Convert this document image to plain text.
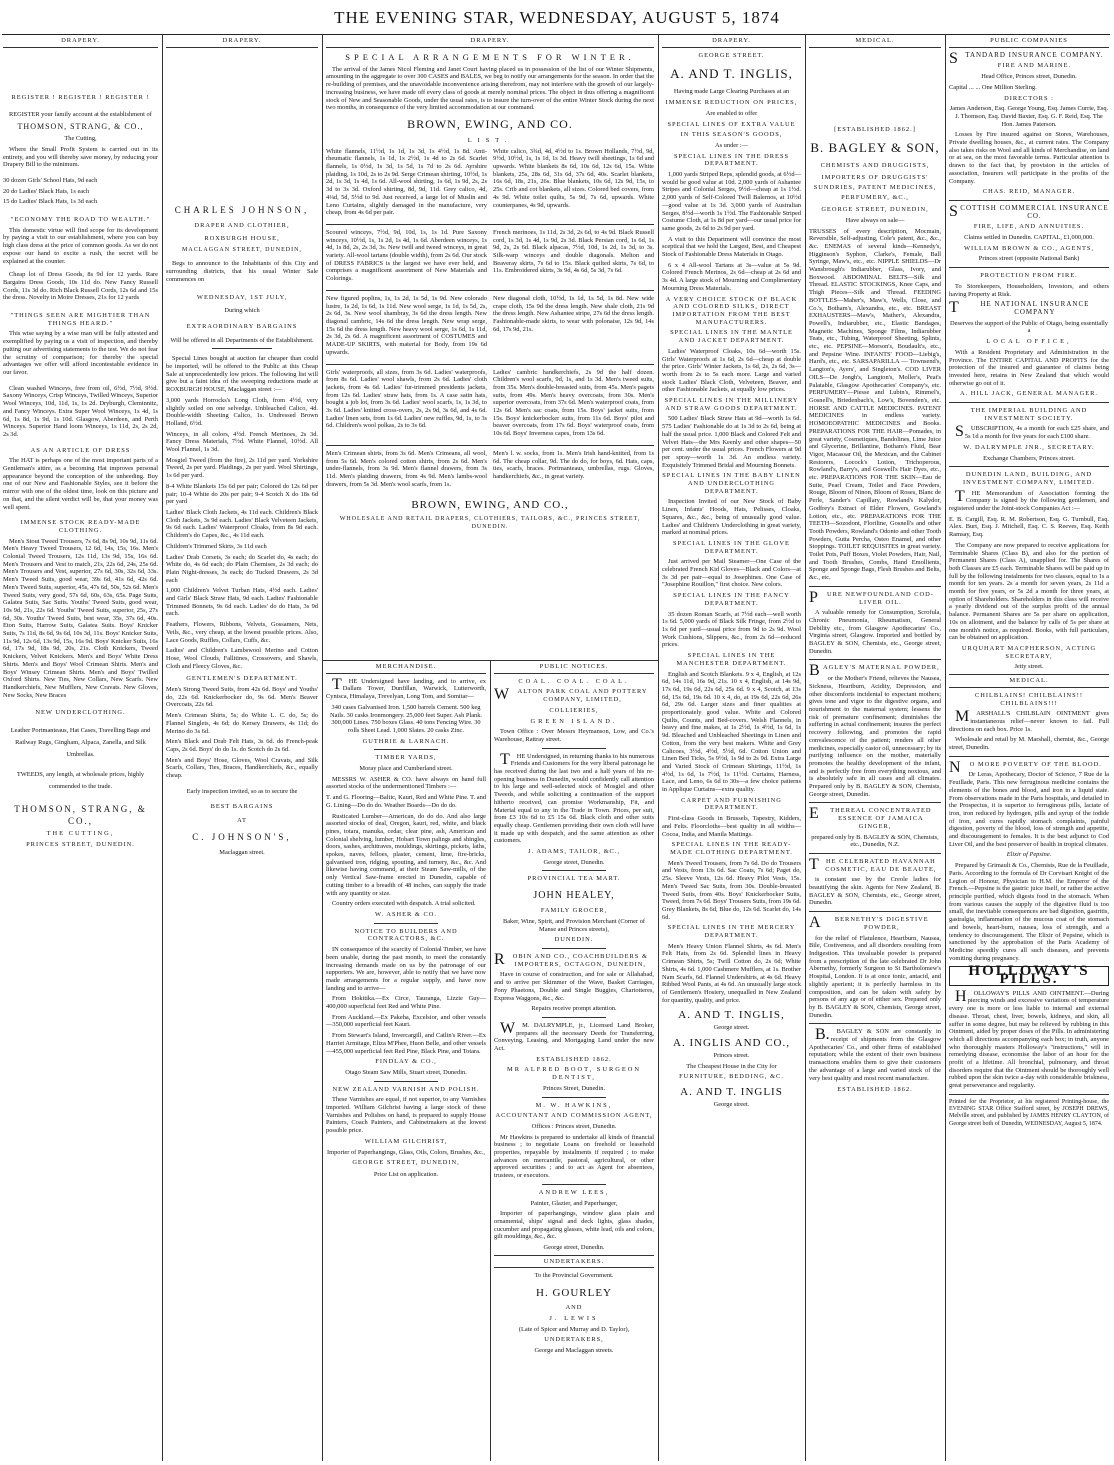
THE EVENING STAR, WEDNESDAY, AUGUST 5, 1874
DRAPERY.

REGISTER ! REGISTER ! REGISTER !

REGISTER your family account at the establishment of

THOMSON, STRANG, & CO.,

The Cutting,

Where the Small Profit System is carried out in its entirety, and you will thereby save money, by reducing your Drapery Bill to the minimum.

30 dozen Girls' School Hats, 9d each

20 do Ladies' Black Hats, 1s each

15 do Ladies' Black Hats, 1s 3d each

"ECONOMY THE ROAD TO WEALTH."

This domestic virtue will find scope for its development by paying a visit to our establishment, where you can buy high class dress at the price of common goods. As we do not expose our hand to excite a rush, the secret will be explained at the counter.

Cheap lot of Dress Goods, 8s 9d for 12 yards. Rare Bargains Dress Goods, 10s 11d do. New Fancy Russell Cords, 11s 3d do. Rich Black Russell Cords, 12s 6d and 15s the dress. Novelty in Moire Dresses, 21s for 12 yards

"THINGS SEEN ARE MIGHTIER THAN THINGS HEARD."

This wise saying by a wise man will be fully attested and exemplified by paying us a visit of inspection, and thereby putting our advertising statements to the test. We do not fear the scrutiny of comparison; for thereby the special advantages we offer will afford incontestable evidence in our favor.

Clean washed Winceys, free from oil, 6½d, 7½d, 9½d. Saxony Winceys, Crisp Winceys, Twilled Winceys, Superior Wool Winceys, 10d, 11d, 1s, 1s 2d. Dryburgh, Cleminnitz, and Fancy Winceys. Extra Super Wool Winceys, 1s 4d, 1s 6d, 1s 8d, 1s 9d, 1s 10d. Glasgow, Aberdeen, and Perth Winceys. Superior Hand loom Winceys, 1s 11d, 2s, 2s 2d, 2s 3d.

AS AN ARTICLE OF DRESS

The HAT is perhaps one of the most important parts of a Gentleman's attire, as a becoming Hat improves personal appearance beyond the conception of the unheeding. Buy one of our New and Fashionable Styles, see it before the mirror with one of the oldest time, look on this picture and on that, and the silent verdict will be, that your money was well spent.

IMMENSE STOCK READY-MADE CLOTHING.

Men's Stout Tweed Trousers, 7s 6d, 8s 9d, 10s 9d, 11s 6d. Men's Heavy Tweed Trousers, 12 6d, 14s, 15s, 16s. Men's Colonial Tweed Trousers, 12s 11d, 13s 9d, 15s, 16s 6d. Men's Trousers and Vest to match, 21s, 22s 6d, 24s, 25s 6d. Men's Trousers and Vest, superior, 27s 6d, 30s, 32s 6d, 33s. Men's Tweed Suits, good wear, 39s 6d, 41s 6d, 42s 6d. Men's Tweed Suits, superior, 45s, 47s 6d, 50s, 52s 6d. Men's Tweed Suits, very good, 57s 6d, 60s, 63s, 65s. Page Suits, Galatea Suits, Sac Suits. Youths' Tweed Suits, good wear, 10s 9d, 21s, 22s 6d. Youths' Tweed Suits, superior, 25s, 27s 6d, 30s. Youths' Tweed Suits, best wear, 35s, 37s 6d, 40s. Eton Suits, Harrow Suits, Galatea Suits. Boys' Knicker Suits, 7s 11d, 8s 6d, 9s 6d, 10s 3d, 11s. Boys' Knicker Suits, 11s 9d, 12s 6d, 13s 9d, 15s, 16s 9d. Boys' Knicker Suits, 16s 6d, 17s 9d, 18s 9d, 20s, 21s. Cloth Knickers, Tweed Knickers, Velvet Knickers. Men's and Boys' White Dress Shirts. Men's and Boys' Wool Crimean Shirts. Men's and Boys' Winsey Crimean Shirts. Men's and Boys' Twilled Oxford Shirts. New Ties, New Collars, New Scarfs. New Handkerchiefs, New Mufflers, New Cravats. New Gloves, New Socks, New Braces

NEW UNDERCLOTHING.

Leather Portmanteaus, Hat Cases, Travelling Bags and Railway Rugs, Gingham, Alpaca, Zanella, and Silk Umbrellas.

TWEEDS, any length, at wholesale prices, highly commended to the trade.

THOMSON, STRANG, & CO.,

THE CUTTING,

PRINCES STREET, DUNEDIN.

DRAPERY.

CHARLES JOHNSON,

DRAPER AND CLOTHIER,

ROXBURGH HOUSE,

MACLAGGAN STREET, DUNEDIN,

Begs to announce to the Inhabitants of this City and surrounding districts, that his usual Winter Sale commences on

WEDNESDAY, 1ST JULY,

During which

EXTRAORDINARY BARGAINS

Will be offered in all Departments of the Establishment.

Special Lines bought at auction far cheaper than could be imported, will be offered to the Public at this Cheap Sale at unprecedentedly low prices. The following list will give but a faint idea of the sweeping reductions made at ROXBURGH HOUSE, Maclaggan street :—

3,000 yards Horrocks's Long Cloth, from 4½d, very slightly soiled on one selvedge. Unbleached Calico, 4d. Double-width Sheeting Calico, 1s. Undressed Brown Holland, 6½d.

Winceys, in all colors, 4½d. French Merinoes, 2s 3d. Fancy Dress Materials, 7½d. White Flannel, 10½d. All Wool Flannel, 1s 3d.

Mosgiel Tweed (from the fire), 2s 11d per yard. Yorkshire Tweed, 2s per yard. Plaidings, 2s per yard. Wool Shirtings, 1s 6d per yard.

8-4 White Blankets 15s 6d per pair; Colored do 12s 6d per pair; 10-4 White do 20s per pair; 9-4 Scotch X do 18s 6d per yard

Ladies' Black Cloth Jackets, 4s 11d each. Children's Black Cloth Jackets, 3s 9d each. Ladies' Black Velveteen Jackets, 9s 6d each. Ladies' Waterproof Cloaks, from 8s 9d each. Children's do Capes, &c., 4s 11d each.

Children's Trimmed Skirts, 3s 11d each

Ladies' Drab Corsets, 3s each; do Scarlet do, 4s each; do White do, 4s 6d each; do Plain Chemises, 2s 3d each; do Plain Night-dresses, 3s each; do Tucked Drawers, 2s 3d each

1,000 Children's Velvet Turban Hats, 4½d each. Ladies' and Girls' Black Straw Hats, 9d each. Ladies' Fashionable Trimmed Bonnets, 9s 6d each. Ladies' do do Hats, 3s 9d each.

Feathers, Flowers, Ribbons, Velvets, Gossamers, Nets, Veils, &c., very cheap, at the lowest possible prices. Also, Lace Goods, Ruffles, Collars, Cuffs, &c.

Ladies' and Children's Lambswool Merino and Cotton Hose, Wool Clouds, Fallitines, Crossovers, and Shawls, Cloth and Fleecy Gloves, &c.

GENTLEMEN'S DEPARTMENT.

Men's Strong Tweed Suits, from 42s 6d. Boys' and Youths' do, 22s 6d. Knickerbocker do, 9s 6d. Men's Beaver Overcoats, 22s 6d.

Men's Crimean Shirts, 5s; do White L. C. do, 5s; do Flannel Singlets, 4s 6d; do Kersey Drawers, 4s 11d; do Merino do 3s 6d.

Men's Black and Drab Felt Hats, 3s 6d. do French-peak Caps, 2s 6d. Boys' do do 1s. do Scotch do 2s 6d.

Men's and Boys' Hose, Gloves, Wool Cravats, and Silk Scarfs, Collars, Ties, Braces, Handkerchiefs, &c., equally cheap.

Early inspection invited, so as to secure the

BEST BARGAINS

AT

C. JOHNSON'S,

Maclaggan street.

DRAPERY.

SPECIAL ARRANGEMENTS FOR WINTER.

The arrival of the James Nicol Fleming and Janet Court having placed us in possession of the list of our Winter Shipments, amounting in the aggregate to over 300 CASES and BALES, we beg to notify our arrangements for the season. In order that the re-building of premises, and the unavoidable inconvenience arising therefrom, may not interfere with the growth of our largely-increasing business, we have made off every class of goods at merely nominal prices. The object in thus offering a magnificent stock of New and Seasonable Goods, under the usual rates, is to insure the turn-over of the entire Winter Stock during the next two months, in consequence of the very limited accommodation at our command.

BROWN, EWING, AND CO.

LIST.

White flannels, 11½d, 1s 1d, 1s 3d, 1s 4½d, 1s 8d. Anti-rheumatic flannels, 1s 1d, 1s 2½d, 1s 4d to 2s 6d. Scarlet flannels, 1s 0½d, 1s 3d, 1s 5d, 1s 7d to 2s 6d. Ayrshire plaiding, 1s 10d, 2s to 2s 9d. Serge Crimean shirting, 10½d, 1s 2d, 1s 3d, 1s 4d, 1s 6d. All-wool shirting, 1s 6d, 1s 9d, 2s, 2s 3d to 3s 3d. Oxford shirting, 8d, 9d, 11d. Grey calico, 4d, 4¼d, 5d, 5½d to 9d. Just received, a large lot of Muslin and Leno Curtains, slightly damaged in the manufacture, very cheap, from 4s 6d per pair.

White calico, 3¾d, 4d, 4½d to 1s. Brown Hollands, 7½d, 9d, 9½d, 10½d, 1s, 1s 1d, 1s 3d. Heavy twill sheetings, 1s 6d and upwards. White blankets 8s 6d, 10s 6d, 12s 6d, 15s. White blankets, 25s, 28s 6d, 31s 6d, 37s 6d, 40s. Scarlet blankets, 16s 6d, 18s, 21s, 26s. Blue blankets, 10s 6d, 12s 9d, 15s, to 25s. Crib and cot blankets, all sizes. Colored bed covers, from 4s 9d. White toilet quilts, 5s 9d, 7s 6d, upwards. White counterpanes, 4s 9d, upwards.

Scoured winceys, 7½d, 9d, 10d, 1s, 1s 1d. Pure Saxony winceys, 10½d, 1s, 1s 2d, 1s 4d, 1s 6d. Aberdeen winceys, 1s 4d, 1s 8d, 2s, 2s 3d, 3s. New twill and tweed winceys, in great variety. All-wool tartans (double width), from 2s 6d. Our stock of DRESS FABRICS is the largest we have ever held, and comprises a magnificent assortment of New Materials and Colorings.

French merinoes, 1s 11d, 2s 3d, 2s 6d, to 4s 9d. Black Russell cord, 1s 3d, 1s 4d, 1s 9d, 2s 3d. Black Persian cord, 1s 6d, 1s 9d, 2s, 2s 6d. Black alpacas, 7½d, 10d, 1s 2d, 1s 3d, to 3s. Silk-warp winceys and double diagonals. Melton and Beaveray skirts, 7s 6d to 15s. Black quilted skirts, 7s 6d, to 11s. Embroidered skirts, 3s 9d, 4s 6d, 5s 3d, 7s 6d.

New figured poplins, 1s, 1s 2d, 1s 5d, 1s 9d. New colorado lustre, 1s 2d, 1s 6d, 1s 11d. New wool serge, 1s 1d, 1s 5d, 2s, 2s 6d, 3s. New wool shambray, 3s 6d the dress length. New diagonal cambric, 14s 6d the dress length. New wrap serge, 15s 6d the dress length. New heavy wool serge, 1s 6d, 1s 11d, 2s 3d, 2s 6d. A magnificent assortment of COSTUMES and MADE-UP SKIRTS, with material for Body, from 19s 6d upwards.

New diagonal cloth, 10½d, 1s 1d, 1s 5d, 1s 8d. New wide crape cloth, 15s 9d the dress length. New shale cloth, 21s 9d the dress length. New Ashantee stripe, 27s 6d the dress length. Fashionable-made skirts, to wear with polonaise, 12s 9d, 14s 6d, 17s 9d, 21s.

Girls' waterproofs, all sizes, from 3s 6d. Ladies' waterproofs, from 8s 6d. Ladies' wool shawls, from 2s 6d. Ladies' cloth jackets, from 4s 6d. Ladies' fur-trimmed presidents jackets, from 12s 6d. Ladies' straw hats, from 1s. A case satin hats, bought a job lot, from 3s 6d. Ladies' wool scarfs, 1s, 1s 3d, to 3s 6d. Ladies' knitted cross-overs, 2s, 2s 9d, 3s 6d, and 4s 6d. Ladies' linen sets, from 1s 6d. Ladies' new ruffles, 9d, 1s, to 3s 6d. Children's wool polkas, 2s to 3s 6d.

Ladies' cambric handkerchiefs, 2s 9d the half dozen. Children's wool scarfs, 9d, 1s, and 1s 3d. Men's tweed suits, from 35s. Men's double-breasted suits, from 45s. Men's pagets suits, from 49s. Men's heavy overcoats, from 30s. Men's superior overcoats, from 37s 6d. Men's waterproof coats, from 12s 6d. Men's sac coats, from 15s. Boys' jacket suits, from 15s. Boys' knickerbocker suits, from 11s 6d. Boys' pilot and beaver overcoats, from 17s 6d. Boys' waterproof coats, from 10s 6d. Boys' Inverness capes, from 13s 6d.

Men's Crimean shirts, from 3s 6d. Men's Crimeans, all wool, from 5s 6d. Men's colored cotton shirts, from 2s 6d. Men's under-flannels, from 3s 9d. Men's flannel drawers, from 3s 11d. Men's plaiding drawers, from 4s 9d. Men's lambs-wool drawers, from 5s 3d. Men's wool scarfs, from 1s.

Men's l. w. socks, from 1s. Men's Irish hand-knitted, from 1s 6d. The cheap collar, 9d. The do do, for boys, 6d. Hats, caps, ties, scarfs, braces. Portmanteaus, umbrellas, rugs. Gloves, handkerchiefs, &c., in great variety.

BROWN, EWING, AND CO.,

WHOLESALE AND RETAIL DRAPERS, CLOTHIERS, TAILORS, &C., PRINCES STREET, DUNEDIN.

MERCHANDISE.

THE Undersigned have landing, and to arrive, ex Dallam Tower, Dunfillan, Warwick, Lutterworth, Cynisca, Himalaya, Trevelyan, Long Tom, and Somitar—

340 cases Galvanised Iron. 1,500 barrels Cement. 500 keg Nails. 30 casks Ironmongery. 25,000 feet Super. Ash Plank. 300,000 Lines. 750 boxes Glass. 40 tons Fencing Wire. 30 rolls Sheet Lead. 1,000 Slates. 20 casks Zinc.

GUTHRIE & LARNACH.

TIMBER YARDS,

Moray place and Cumberland street.

MESSRS W. ASHER & CO. have always on hand full assorted stocks of the undermentioned Timbers :—

T. and G. Flooring—Baltic, Kauri, Red and White Pine. T. and G. Lining—Do do do. Weather Boards—Do do do.

Rusticated Lumber—American, do do do. And also large assorted stocks of deal, Oregon, kauri, red, white, and black pines, totara, manuka, cedar, clear pine, ash, American and Colonial shelving, lumber, Hobart Town palings and shingles, doors, sashes, architraves, mouldings, skirtings, pickets, laths, spokes, naves, felloes, plaster, cement, lime, fire-bricks, galvanised iron, ridging, spouting, and turnery, &c., &c. And likewise having command, at their Steam Saw-mills, of the only Vertical Saw-frame erected in Dunedin, capable of cutting timber to a breadth of 48 inches, can supply the trade with any quantity or size.

Country orders executed with despatch. A trial solicited.

W. ASHER & CO.

NOTICE TO BUILDERS AND CONTRACTORS, &C.

IN consequence of the scarcity of Colonial Timber, we have been unable, during the past month, to meet the constantly increasing demands made on us by the patronage of our supporters. We are, however, able to notify that we have now made arrangements for a regular supply, and have now landing and to arrive—

From Hokitika.—Ex Circe, Tauranga, Lizzie Guy—400,000 superficial feet Red and White Pine.

From Auckland.—Ex Pakeha, Excelsior, and other vessels—350,000 superficial feet Kauri.

From Stewart's Island, Invercargill, and Catlin's River.—Ex Harriet Armitage, Eliza M'Phee, Huon Belle, and other vessels—455,000 superficial feet Red Pine, Black Pine, and Totara.

FINDLAY & CO.,

Otago Steam Saw Mills, Stuart street, Dunedin.

NEW ZEALAND VARNISH AND POLISH.

These Varnishes are equal, if not superior, to any Varnishes imported. William Gilchrist having a large stock of these Varnishes and Polishes on hand, is prepared to supply House Painters, Coach Painters, and Cabinetmakers at the lowest possible price.

WILLIAM GILCHRIST,

Importer of Paperhangings, Glass, Oils, Colors, Brushes, &c.,

GEORGE STREET, DUNEDIN,

Price List on application.

PUBLIC NOTICES.

COAL. COAL. COAL.

WALTON PARK COAL AND POTTERY COMPANY, LIMITED,

COLLIERIES,

GREEN ISLAND.

Town Office : Over Messrs Heymanson, Low, and Co.'s Warehouse, Rattray street.

THE Undersigned, in returning thanks to his numerous Friends and Customers for the very liberal patronage he has received during the last two and a half years of his re-opening business in Dunedin, would confidently call attention to his large and well-selected stock of Mosgiel and other Tweeds, and while soliciting a continuation of the support hitherto received, can promise Workmanship, Fit, and Material equal to any in the Trade in Town. Prices, per suit, from £3 10s 6d to £5 15s 6d. Black cloth and other suits equally cheap. Gentlemen providing their own cloth will have it made up with despatch, and the same attention as other customers.

J. ADAMS, TAILOR, &C.,

George street, Dunedin.

PROVINCIAL TEA MART.

JOHN HEALEY,

FAMILY GROCER,

Baker, Wine, Spirit, and Provision Merchant (Corner of Manse and Princes streets),

DUNEDIN.

ROBIN AND CO., COACHBUILDERS & IMPORTERS, OCTAGON, DUNEDIN,

Have in course of construction, and for sale or Allahabad, and to arrive per Skimmer of the Wave, Basket Carriages, Pony Phaetons, Double and Single Buggies, Chariotteres, Express Waggons, &c., &c.

Repairs receive prompt attention.

WM. DALRYMPLE, jr., Licensed Land Broker, prepares all the necessary Deeds for Transferring, Conveying, Leasing, and Mortgaging Land under the new Act.

ESTABLISHED 1862.

MR ALFRED BOOT, SURGEON DENTIST,

Princes Street, Dunedin.

M. W. HAWKINS,

ACCOUNTANT AND COMMISSION AGENT,

Offices : Princes street, Dunedin.

Mr Hawkins is prepared to undertake all kinds of financial business ; to negotiate Loans on freehold or leasehold properties, repayable by instalments if required ; to make advances on mercantile, pastoral, agricultural, or other approved securities ; and to act as Agent for absentees, trustees, or executors.

ANDREW LEES,

Painter, Glazier, and Paperhanger,

Importer of paperhangings, window glass plain and ornamental, ships' signal and deck lights, glass shades, cucumber and propagating glasses, white lead, oils and colors, gilt mouldings, &c., &c.

George street, Dunedin.

UNDERTAKERS.

To the Provincial Government.

H. GOURLEY

AND

J. LEWIS

(Late of Spicer and Murray and D. Taylor),

UNDERTAKERS,

George and Maclaggan streets.

DRAPERY.

GEORGE STREET.

A. AND T. INGLIS,

Having made Large Clearing Purchases at an

IMMENSE REDUCTION ON PRICES,

Are enabled to offer

SPECIAL LINES OF EXTRA VALUE

IN THIS SEASON'S GOODS,

As under :—

SPECIAL LINES IN THE DRESS DEPARTMENT.

1,000 yards Striped Reps, splendid goods, at 6½d—would be good value at 10d. 2,000 yards of Ashantee Stripes and Colonial Serges, 9½d—cheap at 1s 1½d. 2,000 yards of Self-Colored Twill Balernos, at 10½d—good value at 1s 3d. 3,000 yards of Australian Serges, 8½d—worth 1s 1½d. The Fashionable Striped Costume Cloth, at 1s 8d per yard—our usual price for same goods, 2s 6d to 2s 9d per yard.

A visit to this Department will convince the most sceptical that we hold the Largest, Best, and Cheapest Stock of Fashionable Dress Materials in Otago.

6 x 4 All-wool Tartans at 3s—value at 5s 9d. Colored French Merinos, 2s 6d—cheap at 2s 6d and 3s 4d. A large stock of Mourning and Complimentary Mourning Dress Materials.

A VERY CHOICE STOCK OF BLACK AND COLORED SILKS, DIRECT IMPORTATION FROM THE BEST MANUFACTURERS.

SPECIAL LINES IN THE MANTLE AND JACKET DEPARTMENT.

Ladies' Waterproof Cloaks, 10s 6d—worth 15s. Girls' Waterproofs at 1s 6d, 2s 6d—cheap at double the price. Girls' Winter Jackets, 1s 6d, 2s, 2s 6d, 3s—worth from 2s to 5s each more. Large and varied stock Ladies' Black Cloth, Velveteen, Beaver, and other Fashionable Jackets, at equally low prices.

SPECIAL LINES IN THE MILLINERY AND STRAW GOODS DEPARTMENT.

500 Ladies' Black Straw Hats at 9d—worth 1s 6d. 575 Ladies' Fashionable do at 1s 3d to 2s 6d, being at half the usual price. 1,000 Black and Colored Felt and Velvet Hats—the Mrs Keenly and other shapes—50 per cent. under the usual prices. French Flowers at 9d per spray—worth 1s 3d. An endless variety. Exquisitely Trimmed Bridal and Mourning Bonnets.

SPECIAL LINES IN THE BABY LINEN AND UNDERCLOTHING DEPARTMENT.

Inspection Invited of our New Stock of Baby Linen, Infants' Hoods, Hats, Pelisses, Cloaks, Squares, &c., &c., being of unusually good value. Ladies' and Children's Underclothing in great variety, marked at nominal prices.

SPECIAL LINES IN THE GLOVE DEPARTMENT.

Just arrived per Mail Steamer—One Case of the celebrated French Kid Gloves—Black and Colors—at 3s 3d per pair—equal to Josephines. One Case of "Josephine Rouillon," first choice. New colors.

SPECIAL LINES IN THE FANCY DEPARTMENT.

35 dozen Roman Scarfs, at 7½d each—well worth 1s 6d. 5,000 yards of Black Silk Fringe, from 2½d to 1s 6d per yard—usual price from 9d to 2s 9d. Wool Work Cushions, Slippers, &c., from 2s 6d—reduced prices.

SPECIAL LINES IN THE MANCHESTER DEPARTMENT.

English and Scotch Blankets. 9 x 4, English, at 12s 6d, 14s 11d, 16s 9d, 21s. 10 x 4, English, at 14s 9d, 17s 6d, 19s 6d, 22s 6d, 25s 6d. 9 x 4, Scotch, at 13s 6d, 15s 6d, 19s 6d. 10 x 4, do, at 19s 6d, 22s 6d, 26s 6d, 29s 6d. Larger sizes and finer qualities at proportionately good value. White and Colored Quilts, Counts, and Bed-covers. Welsh Flannels, in heavy and fine makes, at 1s 2½d, 1s 4½d, 1s 6d, 1s 9d. Bleached and Unbleached Sheetings in Linen and Cotton, from the very best makers. White and Grey Calicoes, 3½d, 4½d, 5½d, 6d. Cotton Union and Linen Bed Ticks, 5s 9½d, 1s 9d to 2s 9d. Extra Large and Varied Stock of Crimean Shirtings, 11½d, 1s 4½d, 1s 6d, 1s 7½d, 1s 11½d. Curtains, Harness, Lace, and Leno, 6s 6d to 30s—a few choice patterns in Applique Curtains—extra quality.

CARPET AND FURNISHING DEPARTMENT.

First-class Goods in Brussels, Tapestry, Kidders, and Felts. Floorcloths—best quality in all widths—Cocoa, India, and Manila Mattings.

SPECIAL LINES IN THE READY-MADE CLOTHING DEPARTMENT.

Men's Tweed Trousers, from 7s 6d. Do do Trousers and Vests, from 13s 6d. Sac Coats, 7s 6d; Paget do, 25s. Sleeve Vests, 12s 6d. Heavy Pilot Vests, 15s. Men's Tweed Sac Suits, from 30s. Double-breasted Tweed Suits, from 40s. Boys' Knickerbocker Suits, Tweed, from 7s 6d. Boys' Trousers Suits, from 19s 6d. Grey Blankets, 8s 6d, Blue do, 12s 6d. Scarlet do, 14s 6d.

SPECIAL LINES IN THE MERCERY DEPARTMENT.

Men's Heavy Union Flannel Shirts, 4s 6d. Men's Felt Hats, from 2s 6d. Splendid lines in Heavy Crimean Shirts, 5s; Twill Cotton do, 2s 6d; White Shirts, 4s 6d. 1,000 Cashmere Mufflers, at 1s. Brother Nam Scarfs, 6d. Flannel Undershirts, at 4s 6d. Heavy Ribbed Wool Pants, at 4s 6d. An unusually large stock of Gentlemen's Hosiery, unequalled in New Zealand for quantity, quality, and price.

A. AND T. INGLIS,

George street.

A. INGLIS AND CO.,

Princes street.

The Cheapest House in the City for

FURNITURE, BEDDING, &C.

A. AND T. INGLIS

George street.

MEDICAL.

[ESTABLISHED 1862.]

B. BAGLEY & SON,

CHEMISTS AND DRUGGISTS,

IMPORTERS OF DRUGGISTS' SUNDRIES, PATENT MEDICINES, PERFUMERY, &C.,

GEORGE STREET, DUNEDIN,

Have always on sale—

TRUSSES of every description, Mocmain, Reversible, Self-adjusting, Cole's patent, &c., &c., &c. ENEMAS of several kinds—Kennedy's, Higginson's Syphon, Clarke's, Female, Ball Syringe, Maw's, etc., etc. NIPPLE SHIELDS—Dr Wansbrough's Indiarubber, Glass, Ivory, and Boxwood. ABDOMINAL BELTS—Silk and Thread. ELASTIC STOCKINGS, Knee Caps, and Thigh Pieces—Silk and Thread. FEEDING BOTTLES—Maher's, Maw's, Wells, Close, and Co.'s, Botham's, Alexandra, etc., etc. BREAST EXHAUSTERS—Maw's, Mather's, Alexandra, Powell's, Indiarubber, etc., Elastic Bandages, Magnetic Machines, Sponge Films, Indiarubber Teats, etc., Tubing, Waterproof Sheeting, Splints, etc., etc. PEPSINE—Morson's, Boudault's, etc., and Pepsine Wine. INFANTS' FOOD—Liebig's, Hard's, etc., etc. SARSAPARILLA — Townsend's, Langton's, Ayers', and Singleton's. COD LIVER OILS—De Jongh's, Langton's, Moller's, Peat's Palatable, Glasgow Apothecaries' Company's, etc. PERFUMERY—Piesse and Lubin's, Rimmel's, Gosnell's, Briedenbach's, Low's, Bovenden's, etc. HORSE AND CATTLE MEDICINES. PATENT MEDICINES in endless variety. HOMOEOPATHIC MEDICINES and Books. PREPARATIONS FOR THE HAIR—Pomades, in great variety, Cosmetiques, Bandolines, Lime Juice and Glycerine, Brillantine, Botham's Fluid, Bear Vigor, Macassar Oil, the Mexican, and the Cabinet Restorers, Locock's Lotion, Trichoperous, Rowland's, Barry's, and Goswell's Hair Dyes, etc., etc. PREPARATIONS FOR THE SKIN—Eau de Suite, Pearl Cream, Toilet and Face Powders, Rouge, Bloom of Ninon, Bloom of Roses, Blanc de Perle, Sander's Capillary, Rowland's Kalydor, Godfrey's Extract of Elder Flowers, Gowland's Lotion, etc., etc. PREPARATIONS FOR THE TEETH—Sozodont, Floriline, Gosnell's and other Tooth Powders, Rowland's Odonto and other Tooth Powders, Gutta Percha, Osteo Enamel, and other Stoppings. TOILET REQUISITES in great variety. Toilet Pots, Puff Boxes, Violet Powders, Hair, Nail, and Tooth Brushes, Combs, Hand Emollients, Sponge and Sponge Bags, Flesh Brushes and Belts, &c., etc.

PURE NEWFOUNDLAND COD-LIVER OIL.

A valuable remedy for Consumption, Scrofula, Chronic Pneumonia, Rheumatism, General Debility etc., from Glasgow Apothecaries' Co., Virginia street, Glasgow. Imported and bottled by BAGLEY & SON, Chemists, etc., George street, Dunedin.

BAGLEY'S MATERNAL POWDER,

or the Mother's Friend, relieves the Nausea, Sickness, Heartburn, Acidity, Depression, and other discomforts incidental to expectant mothers; gives tone and vigor to the digestive organs, and nourishment to the maternal system; lessens the risk of premature confinement; diminishes the suffering in actual confinement; insures the perfect recovery following, and promotes the rapid convalescence of the patient; renders all other medicines, especially castor oil, unnecessary; by its purifying influence on the mother, materially promotes the healthy development of the infant, and is perfectly free from everything noxious, and is absolutely safe in all cases and all climates. Prepared only by B. BAGLEY & SON, Chemists, George street, Dunedin.

ETHEREAL CONCENTRATED ESSENCE OF JAMAICA GINGER,

prepared only by B. BAGLEY & SON, Chemists, etc., Dunedin, N.Z.

THE CELEBRATED HAVANNAH COSMETIC, EAU DE BEAUTE,

is constant use by the Creole ladies for beautifying the skin. Agents for New Zealand, B. BAGLEY & SON, Chemists, etc., George street, Dunedin.

ABERNETHY'S DIGESTIVE POWDER,

for the relief of Flatulence, Heartburn, Nausea, Bile, Costiveness, and all disorders resulting from Indigestion. This invaluable powder is prepared from a prescription of the late celebrated Dr John Abernethy, formerly Surgeon to St Bartholomew's Hospital, London. It is at once tonic, antacid, and slightly aperient; it is perfectly harmless in its composition, and can be taken with safety by persons of any age or of either sex. Prepared only by B. BAGLEY & SON, Chemists, George street, Dunedin.

B.BAGLEY & SON are constantly in receipt of shipments from the Glasgow Apothecaries' Co., and other firms of established reputation; while the extent of their own business transactions enables them to give their customers the advantage of a large and varied stock of the very best quality and most recent manufacture.

ESTABLISHED 1862.

PUBLIC COMPANIES

STANDARD INSURANCE COMPANY.

FIRE AND MARINE.

Head Office, Princes street, Dunedin.

Capital ... ... One Million Sterling.

DIRECTORS :

James Anderson, Esq. George Young, Esq. James Currie, Esq. J. Thomson, Esq. David Baxter, Esq. G. F. Reid, Esq. The Hon. James Paterson.

Losses by Fire insured against on Stores, Warehouses, Private dwelling houses, &c., at current rates. The Company also takes risks on Wool and all kinds of Merchandise, on land or at sea, on the most favorable terms. Particular attention is drawn to the fact that, by provision in the articles of association, Insurers will participate in the profits of the Company.

CHAS. REID, MANAGER.

SCOTTISH COMMERCIAL INSURANCE CO.

FIRE, LIFE, AND ANNUITIES.

Claims settled in Dunedin. CAPITAL, £1,000,000.

WILLIAM BROWN & CO., AGENTS,

Princes street (opposite National Bank)

PROTECTION FROM FIRE.

To Storekeepers, Householders, Investors, and others having Property at Risk.

THE NATIONAL INSURANCE COMPANY

Deserves the support of the Public of Otago, being essentially a

LOCAL OFFICE,

With a Resident Proprietary and Administration in the Province. The ENTIRE CAPITAL AND PROFITS for the protection of the insured and guarantee of claims being invested here, retains in New Zealand that which would otherwise go out of it.

A. HILL JACK, GENERAL MANAGER.

THE IMPERIAL BUILDING AND INVESTMENT SOCIETY.

SUBSCRIPTION, 4s a month for each £25 share, and 5s 1d a month for five years for each £100 share.

W. DALRYMPLE JNR., SECRETARY.

Exchange Chambers, Princes street.

DUNEDIN LAND, BUILDING, AND INVESTMENT COMPANY, LIMITED.

THE Memorandum of Association forming the Company is signed by the following gentlemen, and registered under the Joint-stock Companies Act :—

E. B. Cargill, Esq. R. M. Robertson, Esq. G. Turnbull, Esq. Alex. Burt, Esq. J. Mitchell, Esq. C. S. Reeves, Esq. Keith Ramsay, Esq.

The Company are now prepared to receive applications for Terminable Shares (Class B), and also for the portion of Permanent Shares (Class A), unapplied for. The Shares of both Classes are £5 each. Terminable Shares will be paid up in full by the following instalments for two classes, equal to 1s a month for ten years. 2s a month for seven years, 2s 11d a month for five years, or 5s 2d a month for three years, at option of Shareholders. Shareholders in this class will receive a yearly dividend out of the surplus profit of the annual balance. Permanent Shares are 5s per share on application, 10s on allotment, and the balance by calls of 5s per share at one month's notice, as required. Books, with full particulars, can be obtained on application.

URQUHART MACPHERSON, ACTING SECRETARY,

Jetty street.

MEDICAL.

CHILBLAINS! CHILBLAINS!! CHILBLAINS!!!

MARSHALL'S CHILBLAIN OINTMENT gives instantaneous relief—never known to fail. Full directions on each box. Price 1s.

Wholesale and retail by M. Marshall, chemist, &c., George street, Dunedin.

NO MORE POVERTY OF THE BLOOD.

Dr Leras, Apothecary, Doctor of Science, 7 Rue de la Feuillade, Paris. This new ferruginous medicine contains the elements of the bones and blood, and iron in a liquid state. From observations made in the Paris hospitals, and detailed in the Prospectus, it is superior to ferruginous pills, lactate of iron, iron reduced by hydrogen, pills and syrup of the iodide of iron, and cures rapidly stomach complaints, painful digestion, poverty of the blood, loss of strength and appetite, and discouragement to females. It is the best adjunct to Cod Liver Oil, and the best preserver of health in tropical climates.

Elixir of Pepsine.

Prepared by Grimault & Co., Chemists, Rue de la Feuillade, Paris. According to the formula of Dr Corvisart Knight of the Legion of Honour, Physician to H.M. the Emperor of the French.—Pepsine is the gastric juice itself, or rather the active principle purified, which digests food in the stomach. When from various causes the supply of the digestive fluid is too small, the inevitable consequences are bad digestion, gastritis, gastralgia, inflammation of the mucous coat of the stomach and bowels, heart-burn, nausea, loss of strength, and a tendency to discouragement. The Elixir of Pepsine, which is sanctioned by the approbation of the Paris Academy of Medicine speedily cures all such diseases, and prevents vomiting during pregnancy.

HOLLOWAY'S PILLS.

HOLLOWAY'S PILLS AND OINTMENT.—During piercing winds and excessive variations of temperature every one is more or less liable to internal and external disease. Throat, chest, liver, bowels, kidneys, and skin, all suffer in some degree, but may be relieved by rubbing in this Ointment, aided by proper doses of the Pills. In administering which all directions accompanying each box; in truth, anyone who thoroughly masters Holloway's "instructions," will in remedying disease, economise the labor of an hour for the profit of a lifetime. All bronchial, pulmonary, and throat disorders require that the Ointment should be thoroughly well rubbed upon the skin twice a-day with considerable briskness, great perseverance and regularity.

Printed for the Proprietor, at his registered Printing-house, the EVENING STAR Office Stafford street, by JOSEPH DREWS, Melville street, and published by JAMES HENRY CLAYTON, of George street both of Dunedin, WEDNESDAY, August 5, 1874.
